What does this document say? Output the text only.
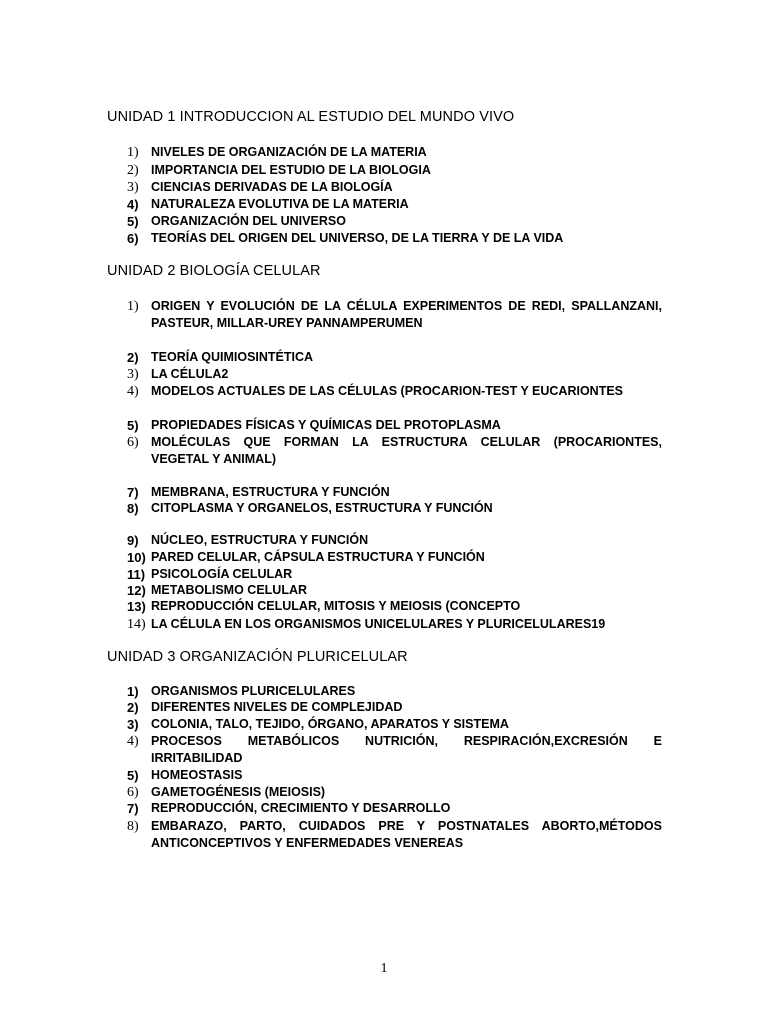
UNIDAD 1 INTRODUCCION AL ESTUDIO DEL MUNDO VIVO
1) NIVELES DE ORGANIZACIÓN DE LA MATERIA
2) IMPORTANCIA DEL ESTUDIO DE LA BIOLOGIA
3) CIENCIAS DERIVADAS DE LA BIOLOGÍA
4) NATURALEZA EVOLUTIVA DE LA MATERIA
5) ORGANIZACIÓN DEL UNIVERSO
6) TEORÍAS DEL ORIGEN DEL UNIVERSO, DE LA TIERRA Y DE LA VIDA
UNIDAD 2 BIOLOGÍA CELULAR
1) ORIGEN Y EVOLUCIÓN DE LA CÉLULA EXPERIMENTOS DE REDI, SPALLANZANI, PASTEUR, MILLAR-UREY PANNAMPERUMEN
2) TEORÍA QUIMIOSINTÉTICA
3) LA CÉLULA2
4) MODELOS ACTUALES DE LAS CÉLULAS (PROCARION-TEST Y EUCARIONTES
5) PROPIEDADES FÍSICAS Y QUÍMICAS DEL PROTOPLASMA
6) MOLÉCULAS QUE FORMAN LA ESTRUCTURA CELULAR (PROCARIONTES, VEGETAL Y ANIMAL)
7) MEMBRANA, ESTRUCTURA Y FUNCIÓN
8) CITOPLASMA Y ORGANELOS, ESTRUCTURA Y FUNCIÓN
9) NÚCLEO, ESTRUCTURA Y FUNCIÓN
10) PARED CELULAR, CÁPSULA ESTRUCTURA Y FUNCIÓN
11) PSICOLOGÍA CELULAR
12) METABOLISMO CELULAR
13) REPRODUCCIÓN CELULAR, MITOSIS Y MEIOSIS (CONCEPTO
14) LA CÉLULA EN LOS ORGANISMOS UNICELULARES Y PLURICELULARES19
UNIDAD 3 ORGANIZACIÓN PLURICELULAR
1) ORGANISMOS PLURICELULARES
2) DIFERENTES NIVELES DE COMPLEJIDAD
3) COLONIA, TALO, TEJIDO, ÓRGANO, APARATOS Y SISTEMA
4) PROCESOS METABÓLICOS NUTRICIÓN, RESPIRACIÓN,EXCRESIÓN E IRRITABILIDAD
5) HOMEOSTASIS
6) GAMETOGÉNESIS (MEIOSIS)
7) REPRODUCCIÓN, CRECIMIENTO Y DESARROLLO
8) EMBARAZO, PARTO, CUIDADOS PRE Y POSTNATALES ABORTO,MÉTODOS ANTICONCEPTIVOS Y ENFERMEDADES VENEREAS
1
